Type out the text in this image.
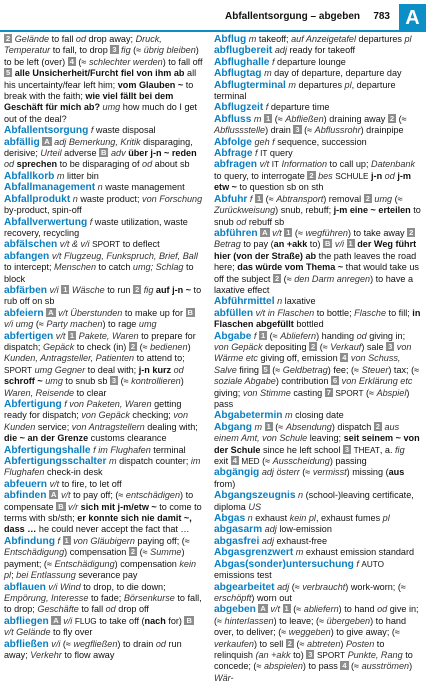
Abfallentsorgung – abgeben 783 A

2 Gelände to fall od drop away; Druck, Temperatur to fall, to drop 3 fig (≈ übrig bleiben) to be left (over) 4 (≈ schlechter werden) to fall off 5 alle Unsicherheit/Furcht fiel von ihm ab all his uncertainty/fear left him; vom Glauben ~ to break with the faith; wie viel fällt bei dem Geschäft für mich ab? umg how much do I get out of the deal?

Abfallentsorgung f waste disposal

abfällig A adj Bemerkung, Kritik disparaging, derisive; Urteil adverse B adv über j-n ~ reden od sprechen to be disparaging of od about sb

Abfallkorb m litter bin

Abfallmanagement n waste management

Abfallprodukt n waste product; von Forschung by-product, spin-off

Abfallverwertung f waste utilization, waste recovery, recycling

abfälschen v/t & v/i SPORT to deflect

abfangen v/t Flugzeug, Funkspruch, Brief, Ball to intercept; Menschen to catch umg; Schlag to block

abfärben v/i 1 Wäsche to run 2 fig auf j-n ~ to rub off on sb

abfeiern A v/t Überstunden to make up for B v/i umg (≈ Party machen) to rage umg

abfertigen v/t 1 Pakete, Waren to prepare for dispatch; Gepäck to check (in) 2 (≈ bedienen) Kunden, Antragsteller, Patienten to attend to; SPORT umg Gegner to deal with; j-n kurz od schroff ~ umg to snub sb 3 (≈ kontrollieren) Waren, Reisende to clear

Abfertigung f von Paketen, Waren getting ready for dispatch; von Gepäck checking; von Kunden service; von Antragstellern dealing with; die ~ an der Grenze customs clearance

Abfertigungshalle f im Flughafen terminal

Abfertigungsschalter m dispatch counter; im Flughafen check-in desk

abfeuern v/t to fire, to let off

abfinden A v/t to pay off; (≈ entschädigen) to compensate B v/r sich mit j-m/etw ~ to come to terms with sb/sth; er konnte sich nie damit ~, dass … he could never accept the fact that …

Abfindung f 1 von Gläubigern paying off; (≈ Entschädigung) compensation 2 (≈ Summe) payment; (≈ Entschädigung) compensation kein pl; bei Entlassung severance pay

abflauen v/i Wind to drop, to die down; Empörung, Interesse to fade; Börsenkurse to fall, to drop; Geschäfte to fall od drop off

abfliegen A v/i FLUG to take off (nach for) B v/t Gelände to fly over

abfließen v/i (≈ wegfließen) to drain od run away; Verkehr to flow away

Abflug m takeoff; auf Anzeigetafel departures pl

abflugbereit adj ready for takeoff

Abflughalle f departure lounge

Abflugtag m day of departure, departure day

Abflugterminal m departures pl, departure terminal

Abflugzeit f departure time

Abfluss m 1 (≈ Abfließen) draining away 2 (≈ Abflussstelle) drain 3 (≈ Abflussrohr) drainpipe

Abfolge geh f sequence, succession

Abfrage f IT query

abfragen v/t IT Information to call up; Datenbank to query, to interrogate 2 bes SCHULE j-n od j-m etw ~ to question sb on sth

Abfuhr f 1 (≈ Abtransport) removal 2 umg (≈ Zurückweisung) snub, rebuff; j-m eine ~ erteilen to snub od rebuff sb

abführen A v/t 1 (≈ wegführen) to take away 2 Betrag to pay (an +akk to) B v/i 1 der Weg führt hier (von der Straße) ab the path leaves the road here; das würde vom Thema ~ that would take us off the subject 2 (≈ den Darm anregen) to have a laxative effect

Abführmittel n laxative

abfüllen v/t in Flaschen to bottle; Flasche to fill; in Flaschen abgefüllt bottled

Abgabe f 1 (≈ Abliefern) handing od giving in; von Gepäck depositing 2 (≈ Verkauf) sale 3 von Wärme etc giving off, emission 4 von Schuss, Salve firing 5 (≈ Geldbetrag) fee; (≈ Steuer) tax; (≈ soziale Abgabe) contribution 6 von Erklärung etc giving; von Stimme casting 7 SPORT (≈ Abspiel) pass

Abgabetermin m closing date

Abgang m 1 (≈ Absendung) dispatch 2 aus einem Amt, von Schule leaving; seit seinem ~ von der Schule since he left school 3 THEAT, a. fig exit 4 MED (≈ Ausscheidung) passing

abgängig adj österr (≈ vermisst) missing (aus from)

Abgangszeugnis n (school-)leaving certificate, diploma US

Abgas n exhaust kein pl, exhaust fumes pl

abgasarm adj low-emission

abgasfrei adj exhaust-free

Abgasgrenzwert m exhaust emission standard

Abgas(sonder)untersuchung f AUTO emissions test

abgearbeitet adj (≈ verbraucht) work-worn; (≈ erschöpft) worn out

abgeben A v/t 1 (≈ abliefern) to hand od give in; (≈ hinterlassen) to leave; (≈ übergeben) to hand over, to deliver; (≈ weggeben) to give away; (≈ verkaufen) to sell 2 (≈ abtreten) Posten to relinquish (an +akk to) 3 SPORT Punkte, Rang to concede; (≈ abspielen) to pass 4 (≈ ausströmen) Wär-
